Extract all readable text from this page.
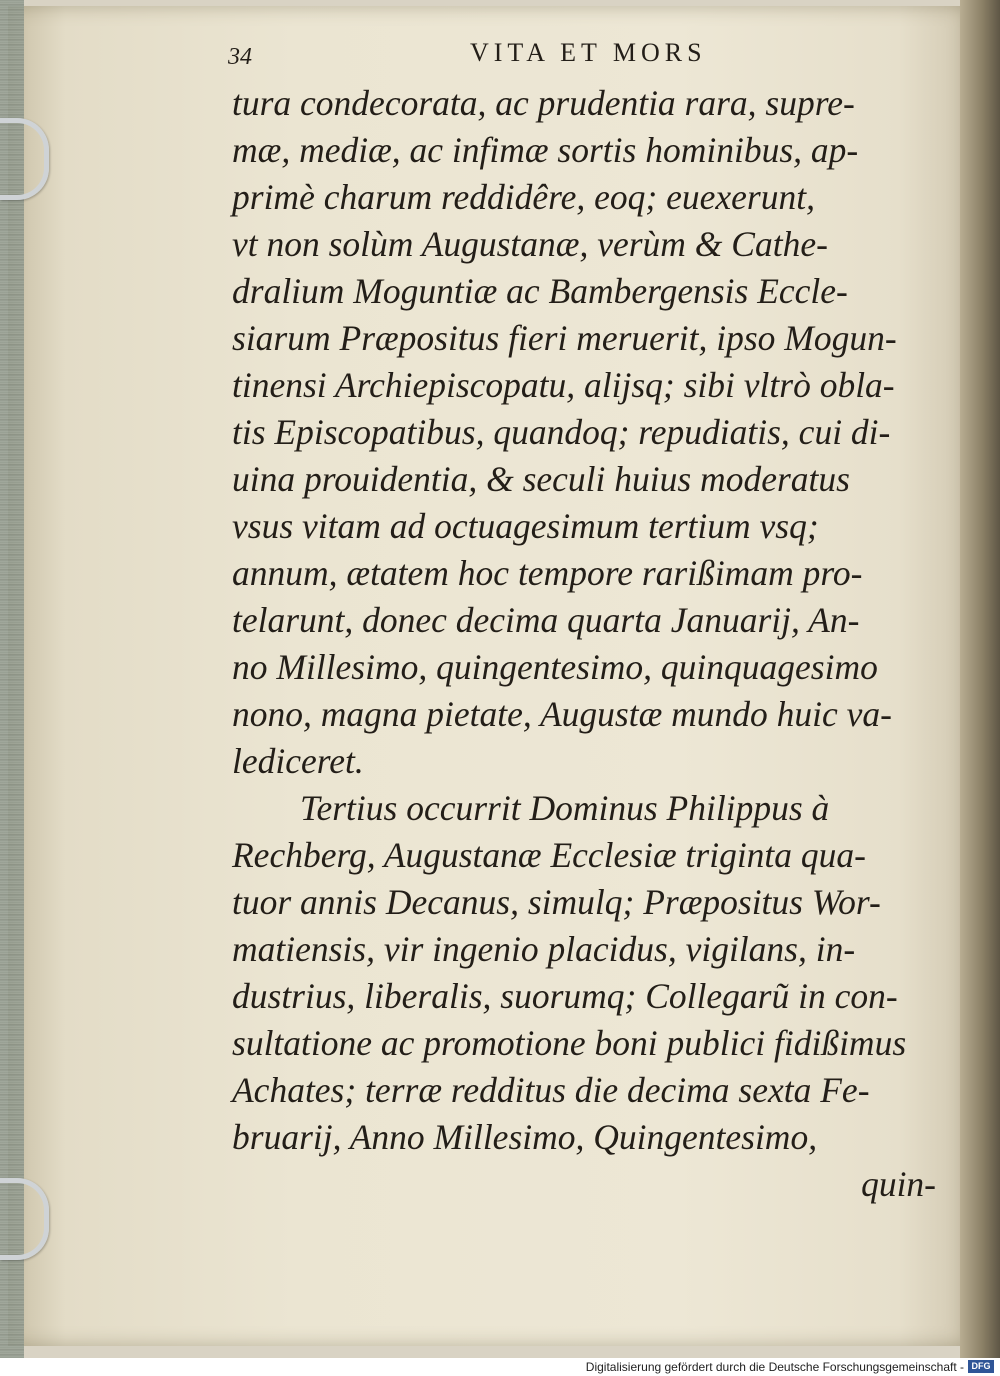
34	VITA ET MORS
tura condecorata, ac prudentia rara, supre-
mæ, mediæ, ac infimæ sortis hominibus, ap-
primè charum reddidêre, eoq; euexerunt,
vt non solùm Augustanæ, verùm & Cathe-
dralium Moguntiæ ac Bambergensis Eccle-
siarum Præpositus fieri meruerit, ipso Mogun-
tinensi Archiepiscopatu, alijsq; sibi vltrò obla-
tis Episcopatibus, quandoq; repudiatis, cui di-
uina prouidentia, & seculi huius moderatus
vsus vitam ad octuagesimum tertium vsq;
annum, ætatem hoc tempore rarißimam pro-
telarunt, donec decima quarta Januarij, An-
no Millesimo, quingentesimo, quinquagesimo
nono, magna pietate, Augustæ mundo huic va-
lediceret.
Tertius occurrit Dominus Philippus à
Rechberg, Augustanæ Ecclesiæ triginta qua-
tuor annis Decanus, simulq; Præpositus Wor-
matiensis, vir ingenio placidus, vigilans, in-
dustrius, liberalis, suorumq; Collegarũ in con-
sultatione ac promotione boni publici fidißimus
Achates; terræ redditus die decima sexta Fe-
bruarij, Anno Millesimo, Quingentesimo,
quin-
Digitalisierung gefördert durch die Deutsche Forschungsgemeinschaft - DFG
